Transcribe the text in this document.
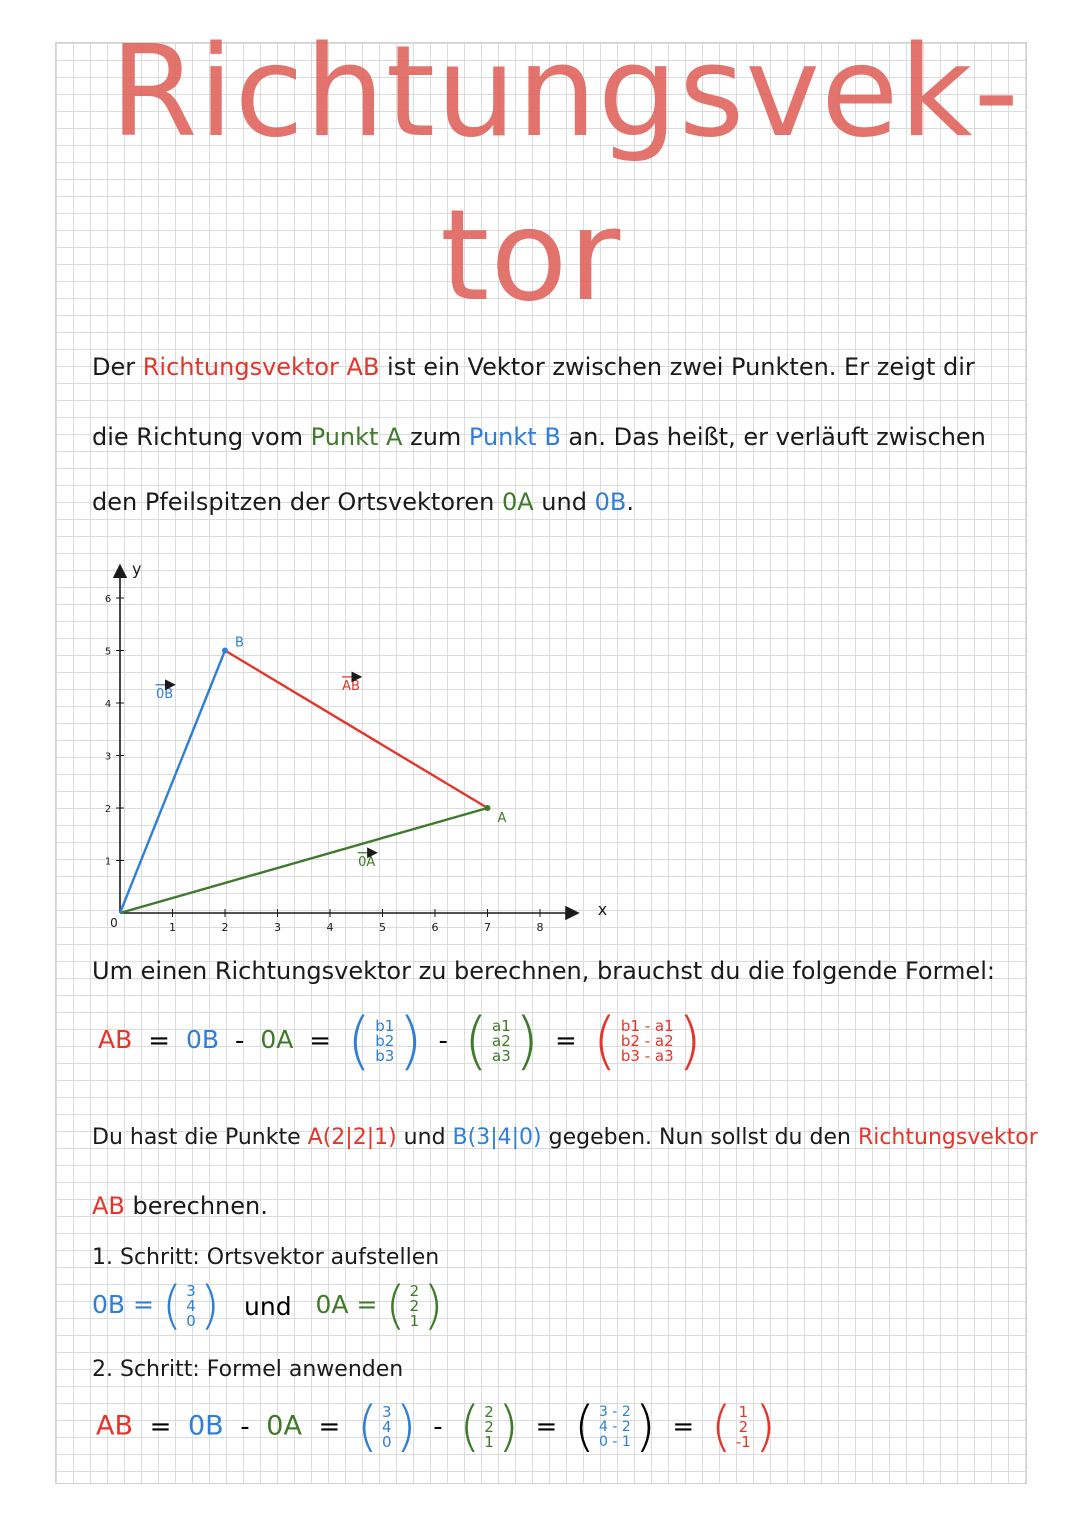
Richtungsvek-
tor
Der Richtungsvektor AB ist ein Vektor zwischen zwei Punkten. Er zeigt dir
die Richtung vom Punkt A zum Punkt B an. Das heißt, er verläuft zwischen
den Pfeilspitzen der Ortsvektoren 0A und 0B.
1	2	3	4	5	6	7	8
1
2
3
4
5
6
0
x
y
A
B
0B
AB
0A
Um einen Richtungsvektor zu berechnen, brauchst du die folgende Formel:
AB = 0B - 0A = ( b1
b2
b3 ) - ( a1
a2
a3 ) = ( b1 - a1
b2 - a2
b3 - a3 )
Du hast die Punkte A(2|2|1) und B(3|4|0) gegeben. Nun sollst du den Richtungsvektor
AB berechnen.
1. Schritt: Ortsvektor aufstellen
0B = ( 3
4
0 ) und 0A = ( 2
2
1 )
2. Schritt: Formel anwenden
AB = 0B - 0A = ( 3
4
0 ) - ( 2
2
1 ) = ( 3 - 2
4 - 2
0 - 1 ) = ( 1
2
-1 )
